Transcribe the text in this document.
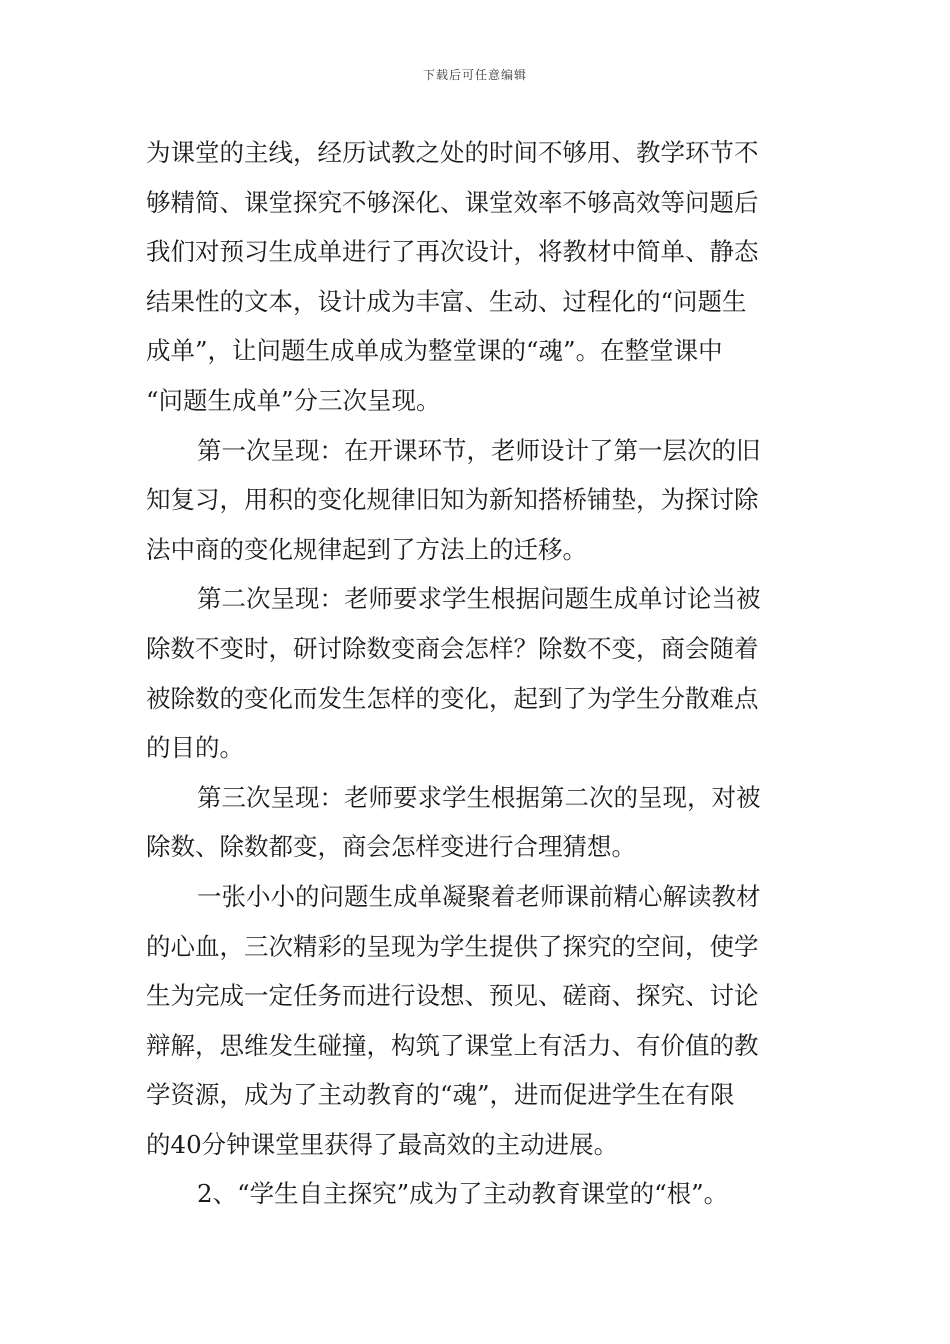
下载后可任意编辑
为课堂的主线，经历试教之处的时间不够用、教学环节不
够精简、课堂探究不够深化、课堂效率不够高效等问题后
我们对预习生成单进行了再次设计，将教材中简单、静态
结果性的文本，设计成为丰富、生动、过程化的“问题生
成单”，让问题生成单成为整堂课的“魂”。在整堂课中
“问题生成单”分三次呈现。
第一次呈现：在开课环节，老师设计了第一层次的旧
知复习，用积的变化规律旧知为新知搭桥铺垫，为探讨除
法中商的变化规律起到了方法上的迁移。
第二次呈现：老师要求学生根据问题生成单讨论当被
除数不变时，研讨除数变商会怎样？除数不变，商会随着
被除数的变化而发生怎样的变化，起到了为学生分散难点
的目的。
第三次呈现：老师要求学生根据第二次的呈现，对被
除数、除数都变，商会怎样变进行合理猜想。
一张小小的问题生成单凝聚着老师课前精心解读教材
的心血，三次精彩的呈现为学生提供了探究的空间，使学
生为完成一定任务而进行设想、预见、磋商、探究、讨论
辩解，思维发生碰撞，构筑了课堂上有活力、有价值的教
学资源，成为了主动教育的“魂”，进而促进学生在有限
的40分钟课堂里获得了最高效的主动进展。
2、“学生自主探究”成为了主动教育课堂的“根”。
